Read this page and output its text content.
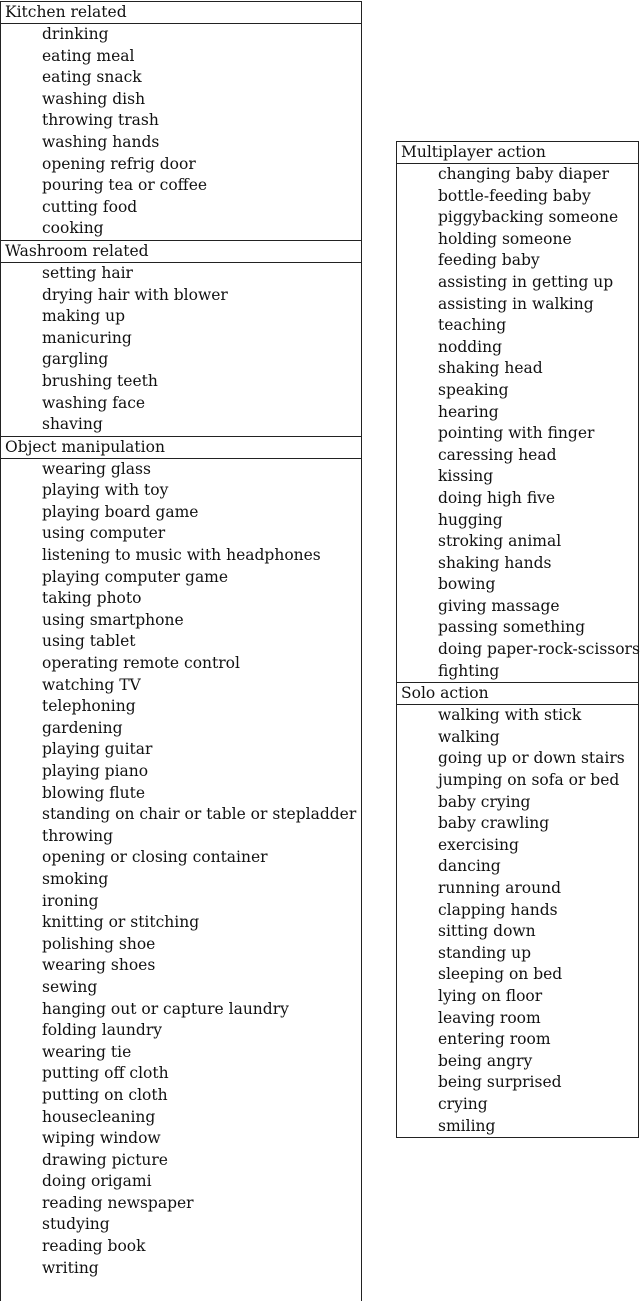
Kitchen related
drinking
eating meal
eating snack
washing dish
throwing trash
washing hands
opening refrig door
pouring tea or coffee
cutting food
cooking
Washroom related
setting hair
drying hair with blower
making up
manicuring
gargling
brushing teeth
washing face
shaving
Object manipulation
wearing glass
playing with toy
playing board game
using computer
listening to music with headphones
playing computer game
taking photo
using smartphone
using tablet
operating remote control
watching TV
telephoning
gardening
playing guitar
playing piano
blowing flute
standing on chair or table or stepladder
throwing
opening or closing container
smoking
ironing
knitting or stitching
polishing shoe
wearing shoes
sewing
hanging out or capture laundry
folding laundry
wearing tie
putting off cloth
putting on cloth
housecleaning
wiping window
drawing picture
doing origami
reading newspaper
studying
reading book
writing
Multiplayer action
changing baby diaper
bottle-feeding baby
piggybacking someone
holding someone
feeding baby
assisting in getting up
assisting in walking
teaching
nodding
shaking head
speaking
hearing
pointing with finger
caressing head
kissing
doing high five
hugging
stroking animal
shaking hands
bowing
giving massage
passing something
doing paper-rock-scissors
fighting
Solo action
walking with stick
walking
going up or down stairs
jumping on sofa or bed
baby crying
baby crawling
exercising
dancing
running around
clapping hands
sitting down
standing up
sleeping on bed
lying on floor
leaving room
entering room
being angry
being surprised
crying
smiling
